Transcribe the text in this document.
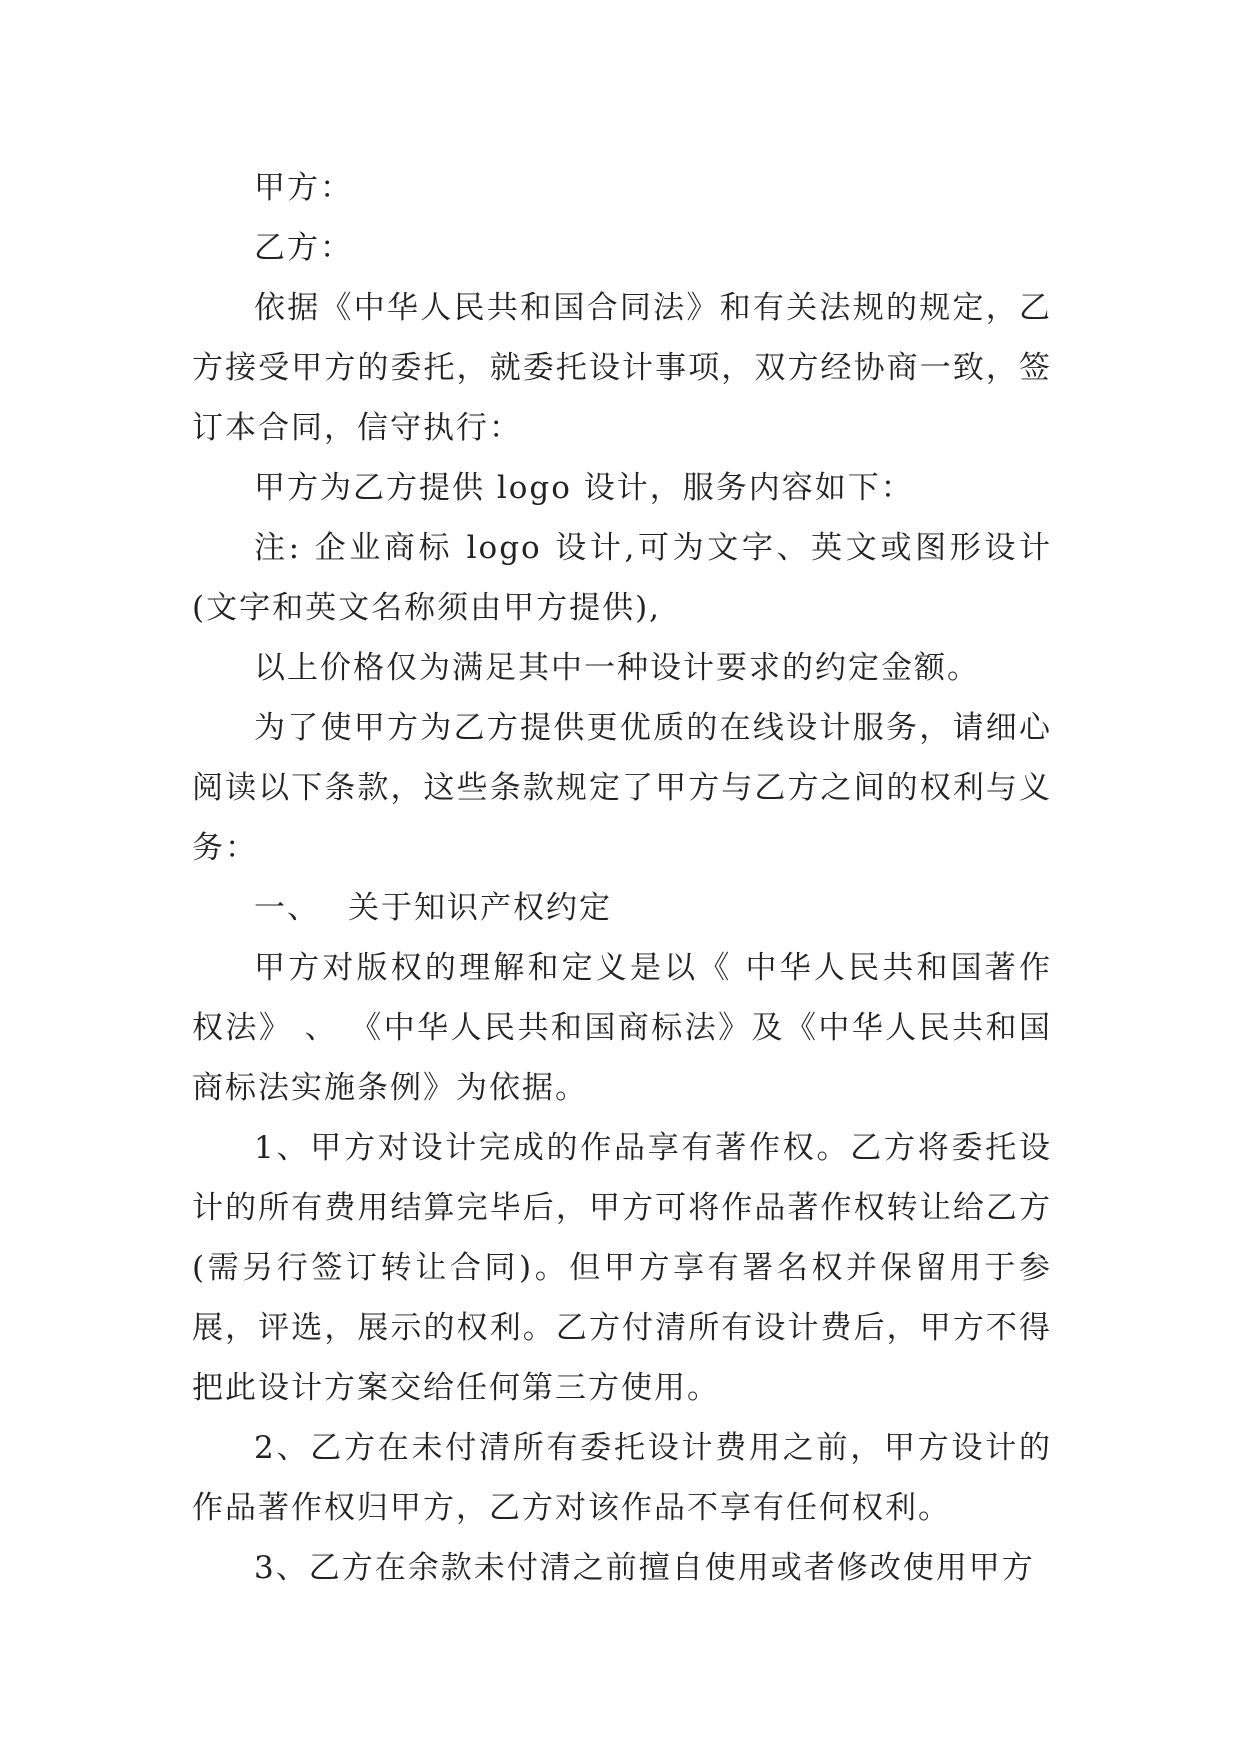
甲方：

乙方：

依据《中华人民共和国合同法》和有关法规的规定，乙方接受甲方的委托，就委托设计事项，双方经协商一致，签订本合同，信守执行：

甲方为乙方提供 logo 设计，服务内容如下：

注: 企业商标 logo 设计,可为文字、英文或图形设计 (文字和英文名称须由甲方提供),

以上价格仅为满足其中一种设计要求的约定金额。

为了使甲方为乙方提供更优质的在线设计服务，请细心阅读以下条款，这些条款规定了甲方与乙方之间的权利与义务：

一、 关于知识产权约定

甲方对版权的理解和定义是以《 中华人民共和国著作权法》 、 《中华人民共和国商标法》及《中华人民共和国商标法实施条例》为依据。

1、甲方对设计完成的作品享有著作权。乙方将委托设计的所有费用结算完毕后，甲方可将作品著作权转让给乙方(需另行签订转让合同)。但甲方享有署名权并保留用于参展，评选，展示的权利。乙方付清所有设计费后，甲方不得把此设计方案交给任何第三方使用。

2、乙方在未付清所有委托设计费用之前，甲方设计的作品著作权归甲方，乙方对该作品不享有任何权利。

3、乙方在余款未付清之前擅自使用或者修改使用甲方
